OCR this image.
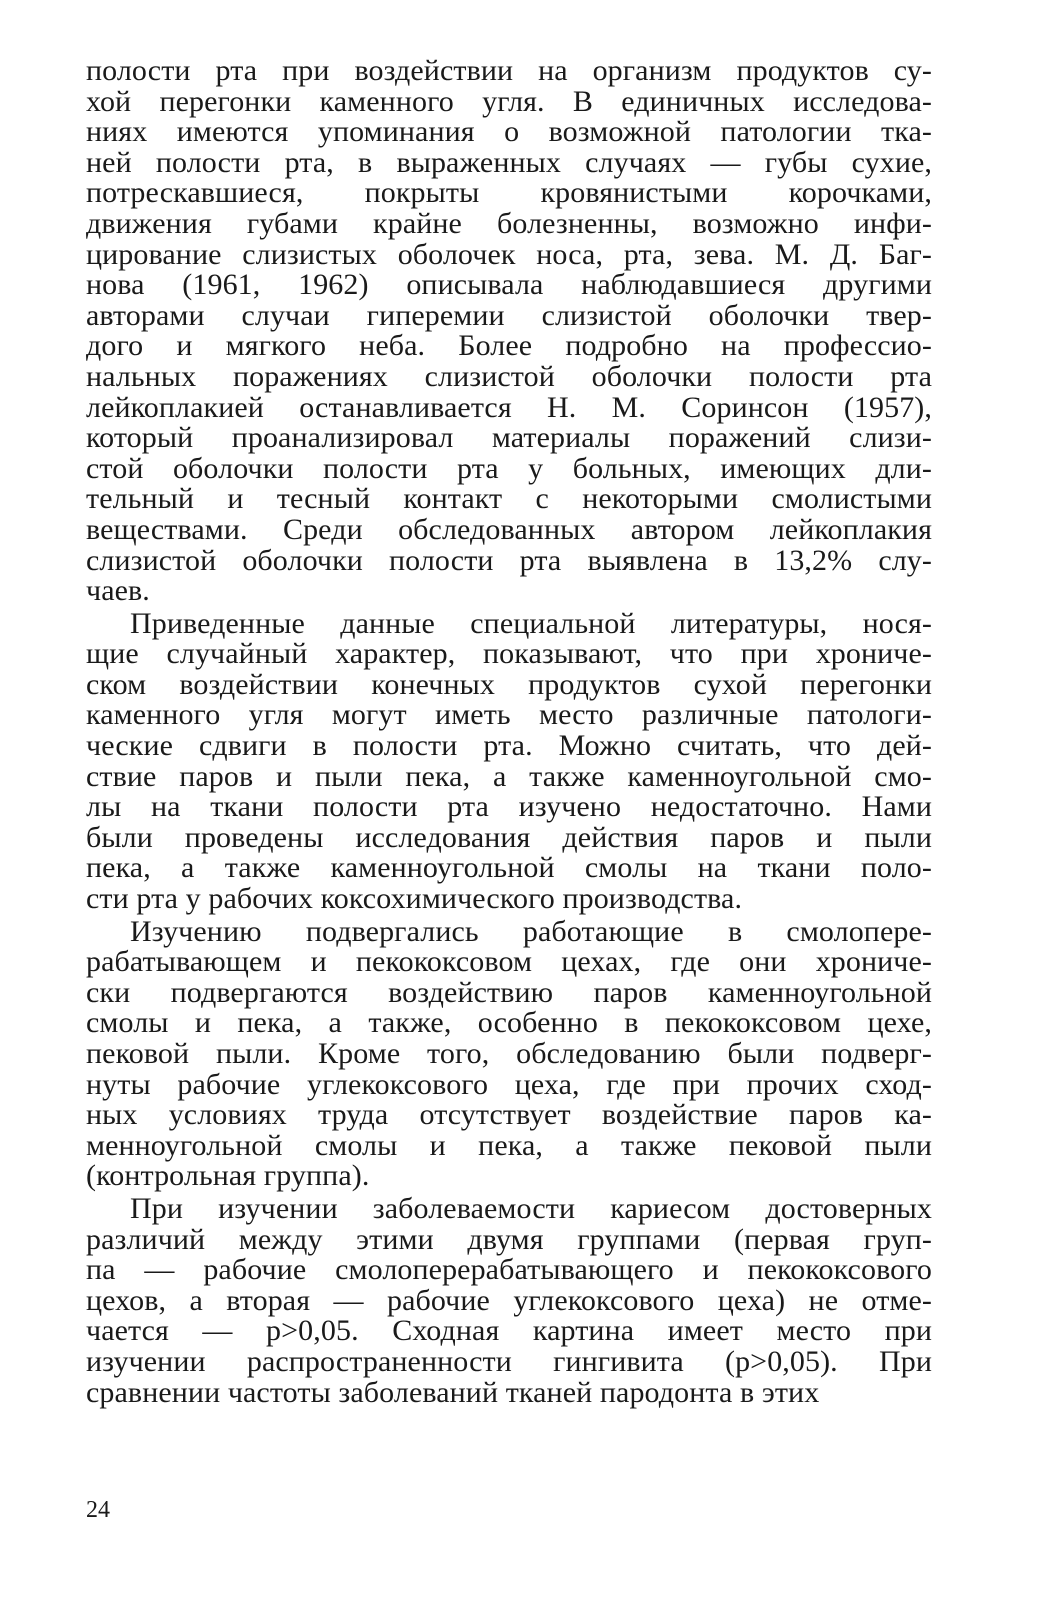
полости рта при воздействии на организм продуктов су-
хой перегонки каменного угля. В единичных исследова-
ниях имеются упоминания о возможной патологии тка-
ней полости рта, в выраженных случаях — губы сухие,
потрескавшиеся, покрыты кровянистыми корочками,
движения губами крайне болезненны, возможно инфи-
цирование слизистых оболочек носа, рта, зева. М. Д. Баг-
нова (1961, 1962) описывала наблюдавшиеся другими
авторами случаи гиперемии слизистой оболочки твер-
дого и мягкого неба. Более подробно на профессио-
нальных поражениях слизистой оболочки полости рта
лейкоплакией останавливается Н. М. Соринсон (1957),
который проанализировал материалы поражений слизи-
стой оболочки полости рта у больных, имеющих дли-
тельный и тесный контакт с некоторыми смолистыми
веществами. Среди обследованных автором лейкоплакия
слизистой оболочки полости рта выявлена в 13,2% слу-
чаев.
Приведенные данные специальной литературы, нося-
щие случайный характер, показывают, что при хрониче-
ском воздействии конечных продуктов сухой перегонки
каменного угля могут иметь место различные патологи-
ческие сдвиги в полости рта. Можно считать, что дей-
ствие паров и пыли пека, а также каменноугольной смо-
лы на ткани полости рта изучено недостаточно. Нами
были проведены исследования действия паров и пыли
пека, а также каменноугольной смолы на ткани поло-
сти рта у рабочих коксохимического производства.
Изучению подвергались работающие в смолопере-
рабатывающем и пекококсовом цехах, где они хрониче-
ски подвергаются воздействию паров каменноугольной
смолы и пека, а также, особенно в пекококсовом цехе,
пековой пыли. Кроме того, обследованию были подверг-
нуты рабочие углекоксового цеха, где при прочих сход-
ных условиях труда отсутствует воздействие паров ка-
менноугольной смолы и пека, а также пековой пыли
(контрольная группа).
При изучении заболеваемости кариесом достоверных
различий между этими двумя группами (первая груп-
па — рабочие смолоперерабатывающего и пекококсового
цехов, а вторая — рабочие углекоксового цеха) не отме-
чается — p>0,05. Сходная картина имеет место при
изучении распространенности гингивита (p>0,05). При
сравнении частоты заболеваний тканей пародонта в этих
24
